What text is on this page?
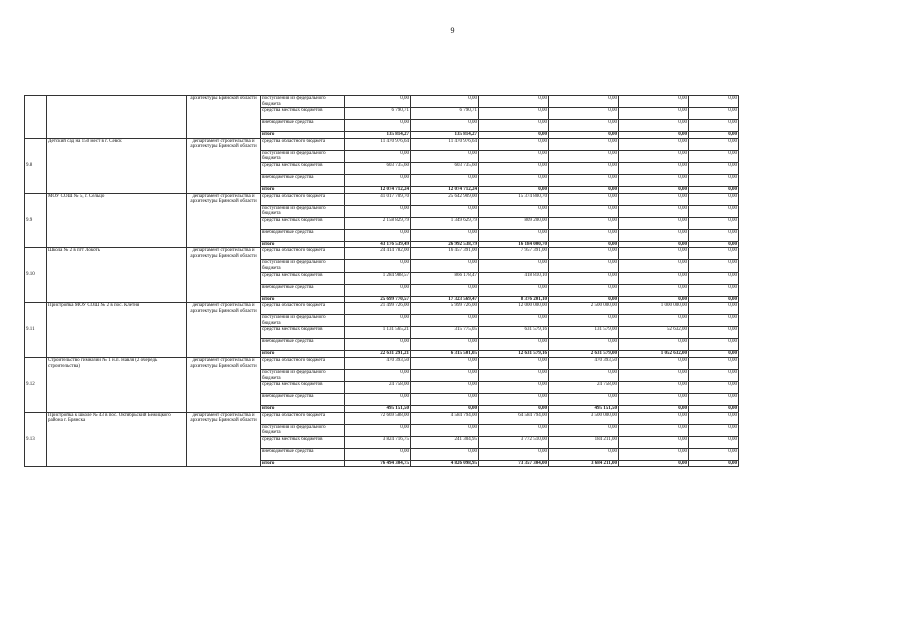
9
		архитектуры Брянской области	поступления из федерального бюджета	0,00	0,00	0,00	0,00	0,00	0,00
			средства местных бюджетов	6 790,71	6 790,71	0,00	0,00	0,00	0,00
			внебюджетные средства	0,00	0,00	0,00	0,00	0,00	0,00
			итого	135 814,27	135 814,27	0,00	0,00	0,00	0,00
9.8	Детский сад на 150 мест в г. Севск	департамент строительства и архитектуры Брянской области	средства областного бюджета	11 470 976,64	11 470 976,64	0,00	0,00	0,00	0,00
			поступления из федерального бюджета	0,00	0,00	0,00	0,00	0,00	0,00
			средства местных бюджетов	603 735,60	603 735,60	0,00	0,00	0,00	0,00
			внебюджетные средства	0,00	0,00	0,00	0,00	0,00	0,00
			итого	12 074 712,24	12 074 712,24	0,00	0,00	0,00	0,00
9.9	МОУ СОШ № 5, г. Сельцо	департамент строительства и архитектуры Брянской области	средства областного бюджета	41 017 709,70	25 642 909,00	15 374 800,70	0,00	0,00	0,00
			поступления из федерального бюджета	0,00	0,00	0,00	0,00	0,00	0,00
			средства местных бюджетов	2 158 829,79	1 349 629,79	809 200,00	0,00	0,00	0,00
			внебюджетные средства	0,00	0,00	0,00	0,00	0,00	0,00
			итого	43 176 539,49	26 992 538,79	16 184 000,70	0,00	0,00	0,00
9.10	Школа № 2 в пгт Локоть	департамент строительства и архитектуры Брянской области	средства областного бюджета	24 414 782,00	16 457 391,00	7 957 391,00	0,00	0,00	0,00
			поступления из федерального бюджета	0,00	0,00	0,00	0,00	0,00	0,00
			средства местных бюджетов	1 284 988,57	866 178,47	418 810,10	0,00	0,00	0,00
			внебюджетные средства	0,00	0,00	0,00	0,00	0,00	0,00
			итого	25 699 770,57	17 323 569,47	8 376 201,10	0,00	0,00	0,00
9.11	Пристройка МОУ СОШ № 2 в пос. Клетня	департамент строительства и архитектуры Брянской области	средства областного бюджета	21 499 726,00	5 999 726,00	12 000 000,00	2 500 000,00	1 000 000,00	0,00
			поступления из федерального бюджета	0,00	0,00	0,00	0,00	0,00	0,00
			средства местных бюджетов	1 131 565,21	315 775,05	631 579,16	131 579,00	52 632,00	0,00
			внебюджетные средства	0,00	0,00	0,00	0,00	0,00	0,00
			итого	22 631 291,21	6 315 501,05	12 631 579,16	2 631 579,00	1 052 632,00	0,00
9.12	Строительство гимназии № 1 н.п. Навля (2 очередь строительства)	департамент строительства и архитектуры Брянской области	средства областного бюджета	470 393,50	0,00	0,00	470 393,50	0,00	0,00
			поступления из федерального бюджета	0,00	0,00	0,00	0,00	0,00	0,00
			средства местных бюджетов	24 758,00	0,00	0,00	24 758,00	0,00	0,00
			внебюджетные средства	0,00	0,00	0,00	0,00	0,00	0,00
			итого	495 151,50	0,00	0,00	495 151,50	0,00	0,00
9.13	Пристройка к школе № 43 в пос. Октябрьский Бежицкого района г. Брянска	департамент строительства и архитектуры Брянской области	средства областного бюджета	72 669 588,00	4 584 794,00	64 584 794,00	3 500 000,00	0,00	0,00
			поступления из федерального бюджета	0,00	0,00	0,00	0,00	0,00	0,00
			средства местных бюджетов	3 824 716,75	241 304,95	3 772 510,00	184 211,00	0,00	0,00
			внебюджетные средства	0,00	0,00	0,00	0,00	0,00	0,00
			итого	76 494 304,75	4 826 098,95	73 357 304,00	3 684 211,00	0,00	0,00
